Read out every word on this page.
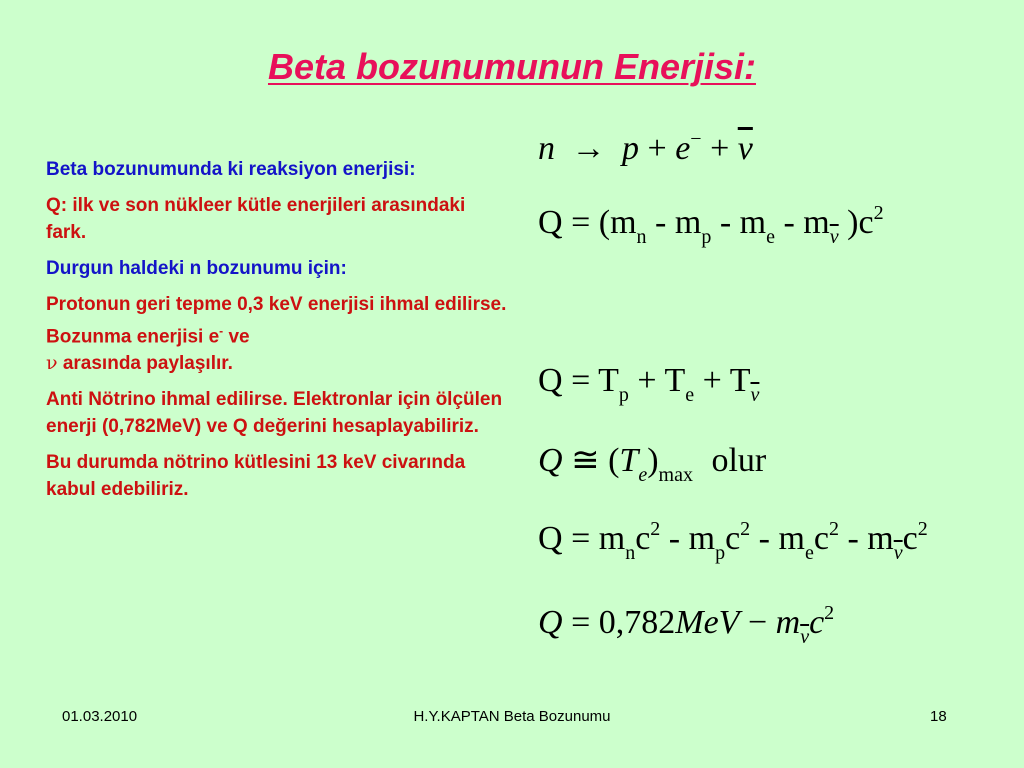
Beta bozunumunun Enerjisi:

Beta bozunumunda ki reaksiyon enerjisi:

Q: ilk ve son nükleer kütle enerjileri arasındaki fark.

Durgun haldeki n bozunumu için:

Protonun geri tepme 0,3 keV enerjisi ihmal edilirse. Bozunma enerjisi e- ve
ν arasında paylaşılır.

Anti Nötrino ihmal edilirse. Elektronlar için ölçülen enerji (0,782MeV) ve Q değerini hesaplayabiliriz.

Bu durumda nötrino kütlesini 13 keV civarında kabul edebiliriz.

$n \to p + e^- + \overline{\nu}$
$Q = (m_n - m_p - m_e - m_{\overline{\nu}}$ )$c^2$
$Q = T_p + T_e + T_{\overline{\nu}}$
Q ≅ $(T_e)_{max}$ olur
$Q = m_nc^2 - m_pc^2 - m_ec^2 - m_{\overline{\nu}}c^2$
$Q = 0,782MeV - m_{\overline{\nu}}c^2$
01.03.2010	H.Y.KAPTAN Beta Bozunumu	18
